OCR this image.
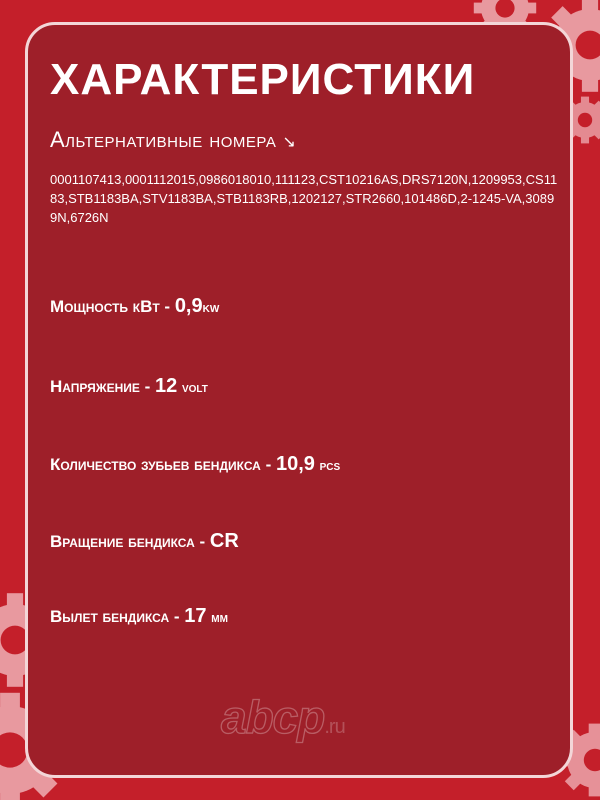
ХАРАКТЕРИСТИКИ
Альтернативные номера ↘

0001107413,0001112015,0986018010,111123,CST10216AS,DRS7120N,1209953,CS1183,STB1183BA,STV1183BA,STB1183RB,1202127,STR2660,101486D,2-1245-VA,30899N,6726N

Мощность кВт - 0,9kw

Напряжение - 12 volt

Количество зубьев бендикса - 10,9 pcs

Вращение бендикса - CR

Вылет бендикса - 17 мм

abcp.ru
